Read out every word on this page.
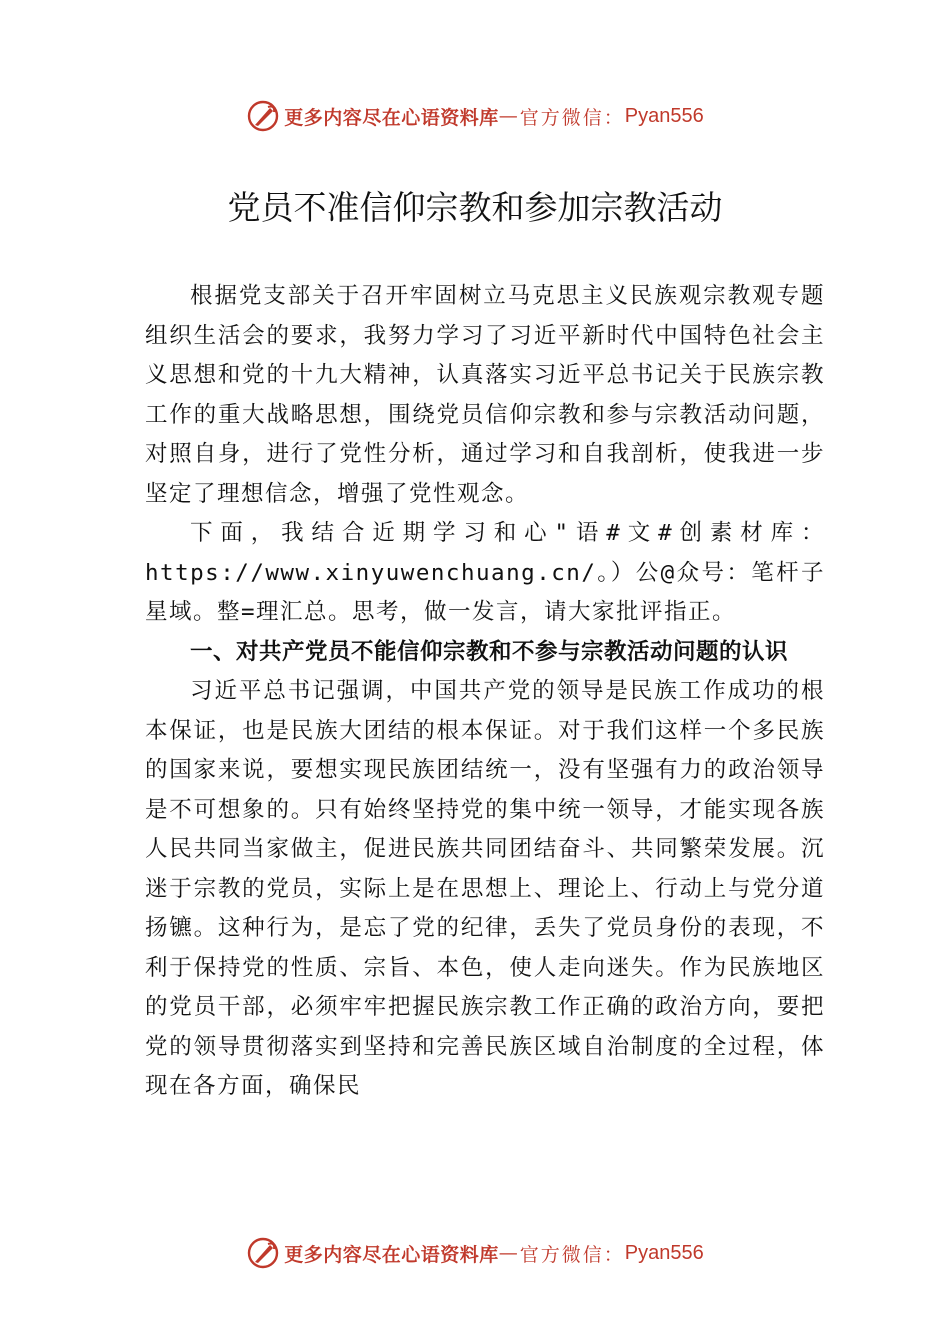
更多内容尽在心语资料库 — 官方微信： Pyan556
党员不准信仰宗教和参加宗教活动

根据党支部关于召开牢固树立马克思主义民族观宗教观专题组织生活会的要求，我努力学习了习近平新时代中国特色社会主义思想和党的十九大精神，认真落实习近平总书记关于民族宗教工作的重大战略思想，围绕党员信仰宗教和参与宗教活动问题，对照自身，进行了党性分析，通过学习和自我剖析，使我进一步坚定了理想信念，增强了党性观念。

下面，我结合近期学习和心"语#文#创素材库：https://www.xinyuwenchuang.cn/。）公@众号：笔杆子星域。整=理汇总。思考，做一发言，请大家批评指正。

一、对共产党员不能信仰宗教和不参与宗教活动问题的认识

习近平总书记强调，中国共产党的领导是民族工作成功的根本保证，也是民族大团结的根本保证。对于我们这样一个多民族的国家来说，要想实现民族团结统一，没有坚强有力的政治领导是不可想象的。只有始终坚持党的集中统一领导，才能实现各族人民共同当家做主，促进民族共同团结奋斗、共同繁荣发展。沉迷于宗教的党员，实际上是在思想上、理论上、行动上与党分道扬镳。这种行为，是忘了党的纪律，丢失了党员身份的表现，不利于保持党的性质、宗旨、本色，使人走向迷失。作为民族地区的党员干部，必须牢牢把握民族宗教工作正确的政治方向，要把党的领导贯彻落实到坚持和完善民族区域自治制度的全过程，体现在各方面，确保民

更多内容尽在心语资料库 — 官方微信： Pyan556
